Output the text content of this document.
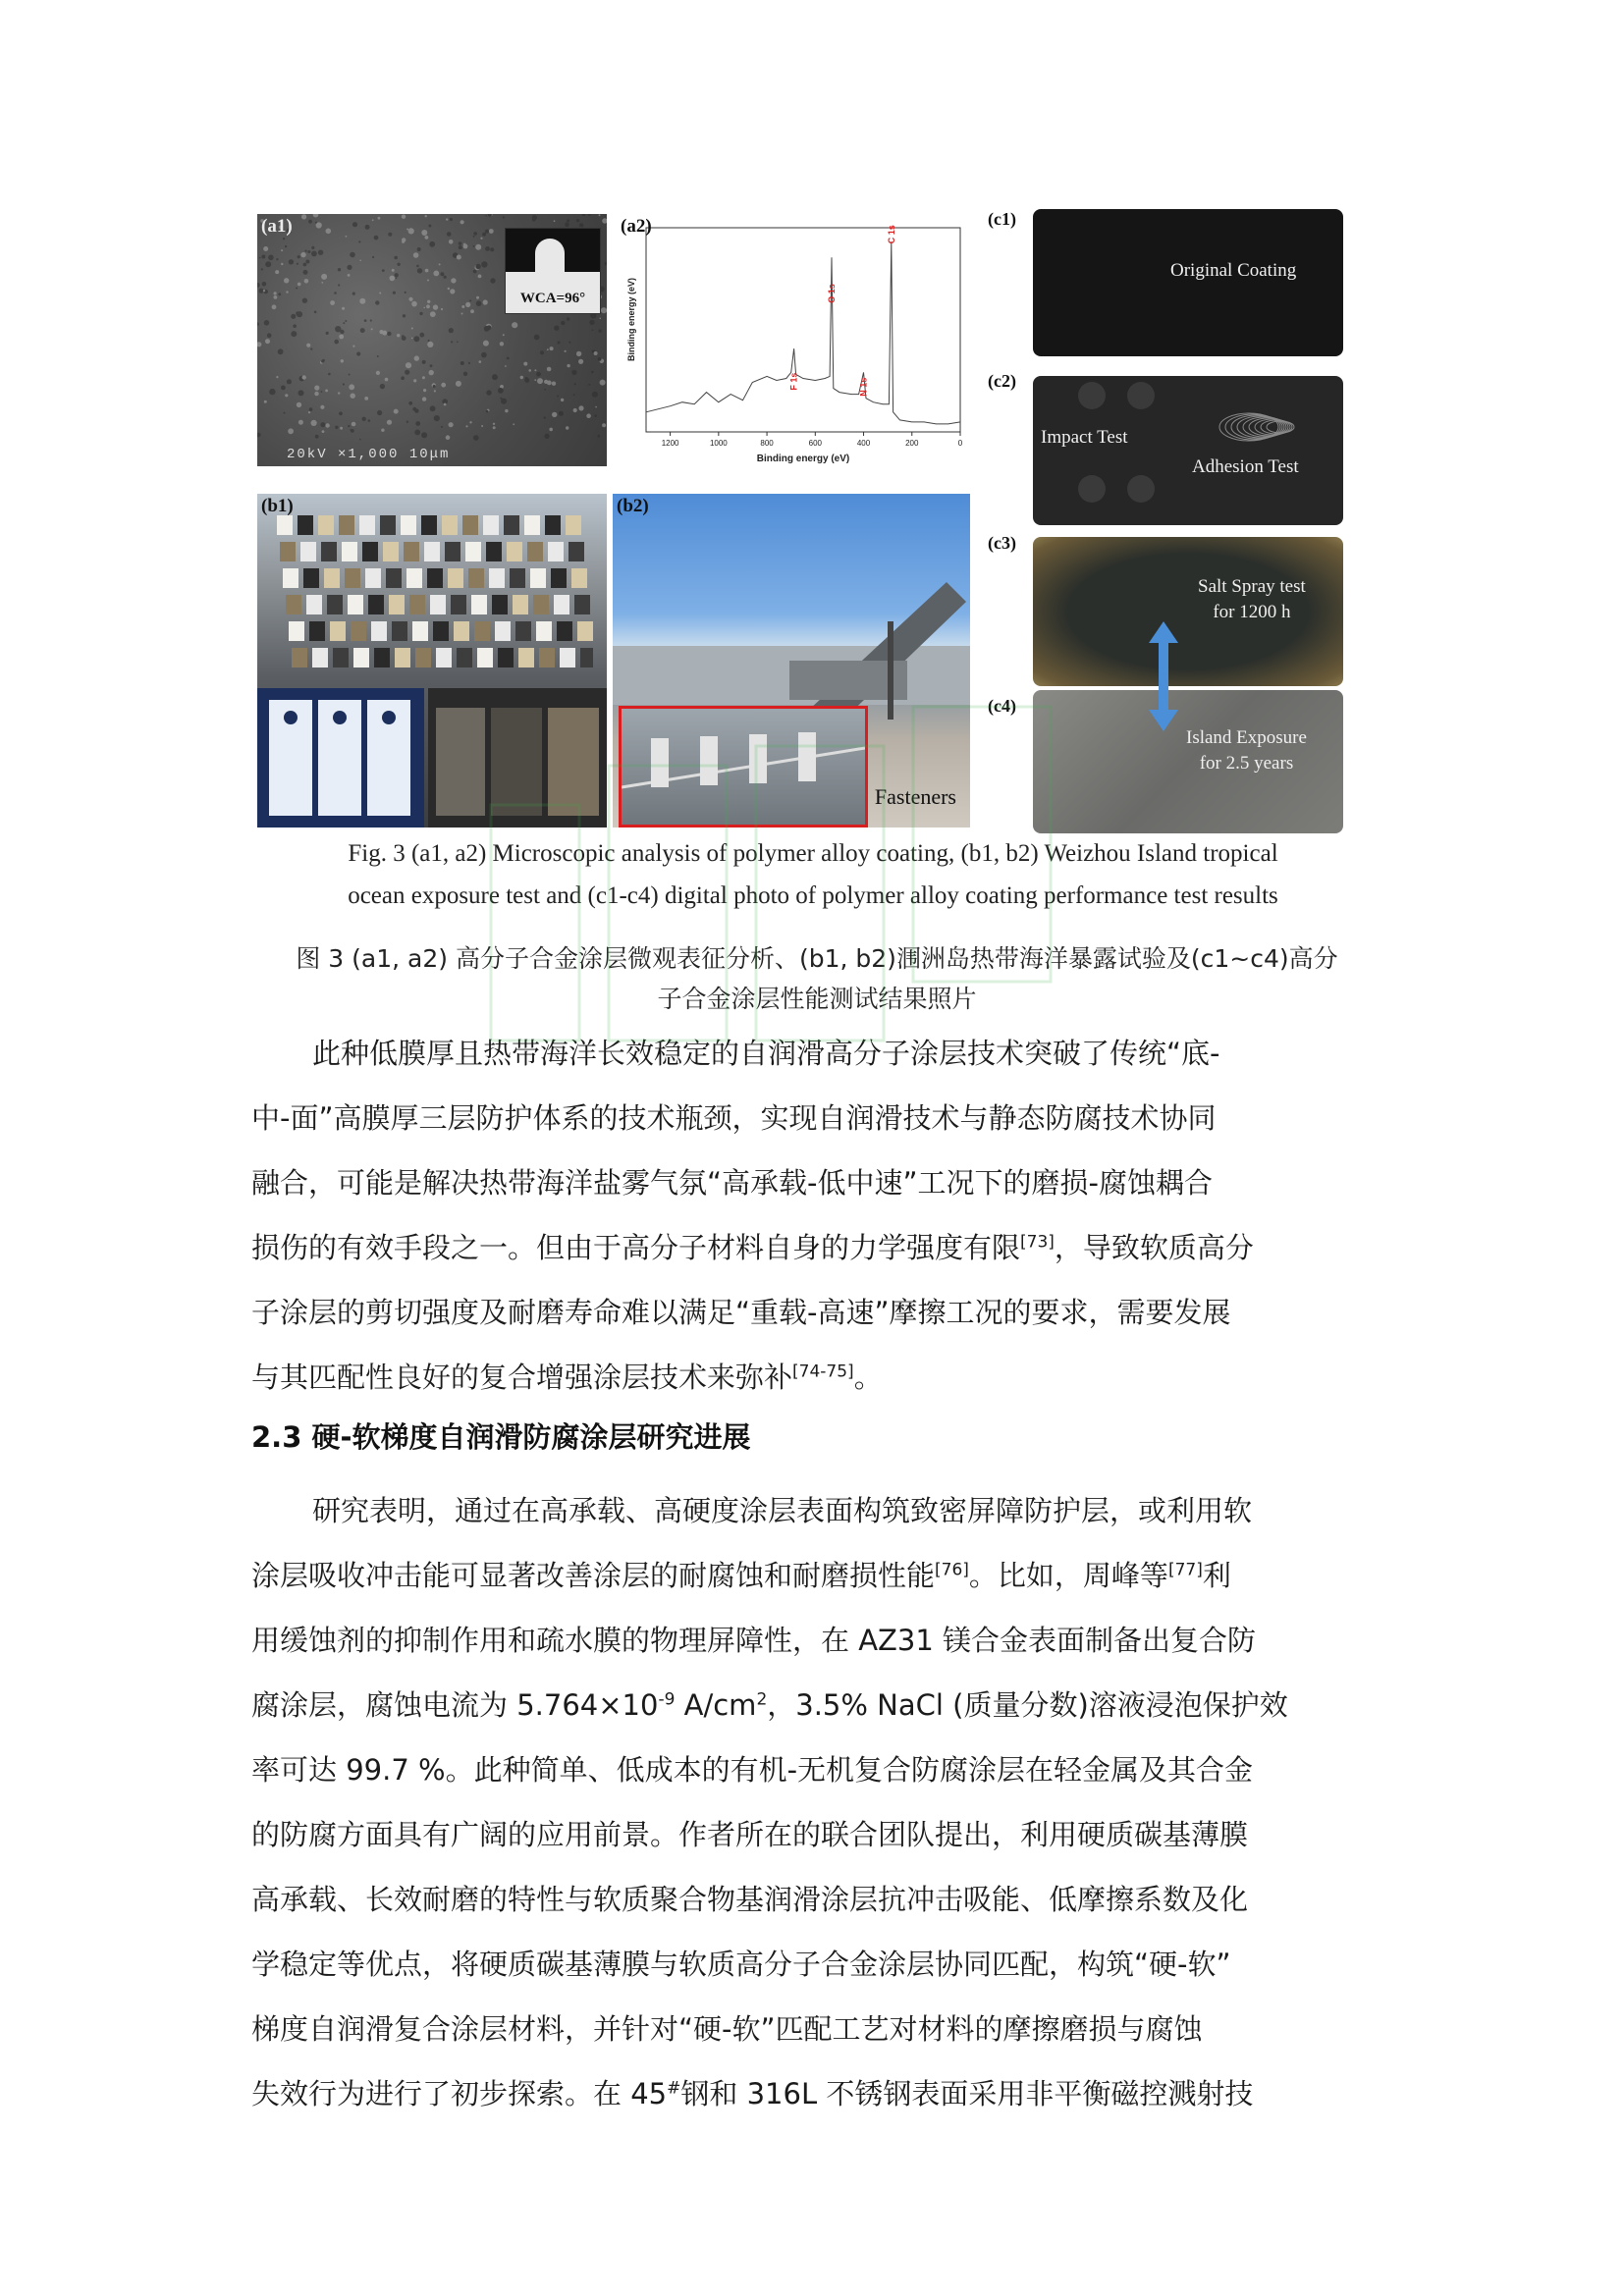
(a1)
WCA=96°
20kV ×1,000 10μm
(a2)
Binding energy (eV)
Binding energy (eV)
1200	1000	800	600	400	200	0
F 1s
O 1s
N 1s
C 1s
(b1)	(b2)
Fasteners
(c1)
Original Coating
(c2)
Impact Test
Adhesion Test
(c3)
Salt Spray test
for 1200 h
(c4)
Island Exposure
for 2.5 years
Fig. 3 (a1, a2) Microscopic analysis of polymer alloy coating, (b1, b2) Weizhou Island tropical
ocean exposure test and (c1-c4) digital photo of polymer alloy coating performance test results
图 3 (a1, a2) 高分子合金涂层微观表征分析、(b1, b2)涠洲岛热带海洋暴露试验及(c1~c4)高分
子合金涂层性能测试结果照片
此种低膜厚且热带海洋长效稳定的自润滑高分子涂层技术突破了传统“底-
中-面”高膜厚三层防护体系的技术瓶颈，实现自润滑技术与静态防腐技术协同
融合，可能是解决热带海洋盐雾气氛“高承载-低中速”工况下的磨损-腐蚀耦合
损伤的有效手段之一。但由于高分子材料自身的力学强度有限[73]，导致软质高分
子涂层的剪切强度及耐磨寿命难以满足“重载-高速”摩擦工况的要求，需要发展
与其匹配性良好的复合增强涂层技术来弥补[74-75]。
2.3 硬-软梯度自润滑防腐涂层研究进展
研究表明，通过在高承载、高硬度涂层表面构筑致密屏障防护层，或利用软
涂层吸收冲击能可显著改善涂层的耐腐蚀和耐磨损性能[76]。比如，周峰等[77]利
用缓蚀剂的抑制作用和疏水膜的物理屏障性，在 AZ31 镁合金表面制备出复合防
腐涂层，腐蚀电流为 $5.764\times 10^{-9}$ $A/cm^2$，3.5% NaCl (质量分数)溶液浸泡保护效
率可达 99.7 %。此种简单、低成本的有机-无机复合防腐涂层在轻金属及其合金
的防腐方面具有广阔的应用前景。作者所在的联合团队提出，利用硬质碳基薄膜
高承载、长效耐磨的特性与软质聚合物基润滑涂层抗冲击吸能、低摩擦系数及化
学稳定等优点，将硬质碳基薄膜与软质高分子合金涂层协同匹配，构筑“硬-软”
梯度自润滑复合涂层材料，并针对“硬-软”匹配工艺对材料的摩擦磨损与腐蚀
失效行为进行了初步探索。在 45#钢和 316L 不锈钢表面采用非平衡磁控溅射技
